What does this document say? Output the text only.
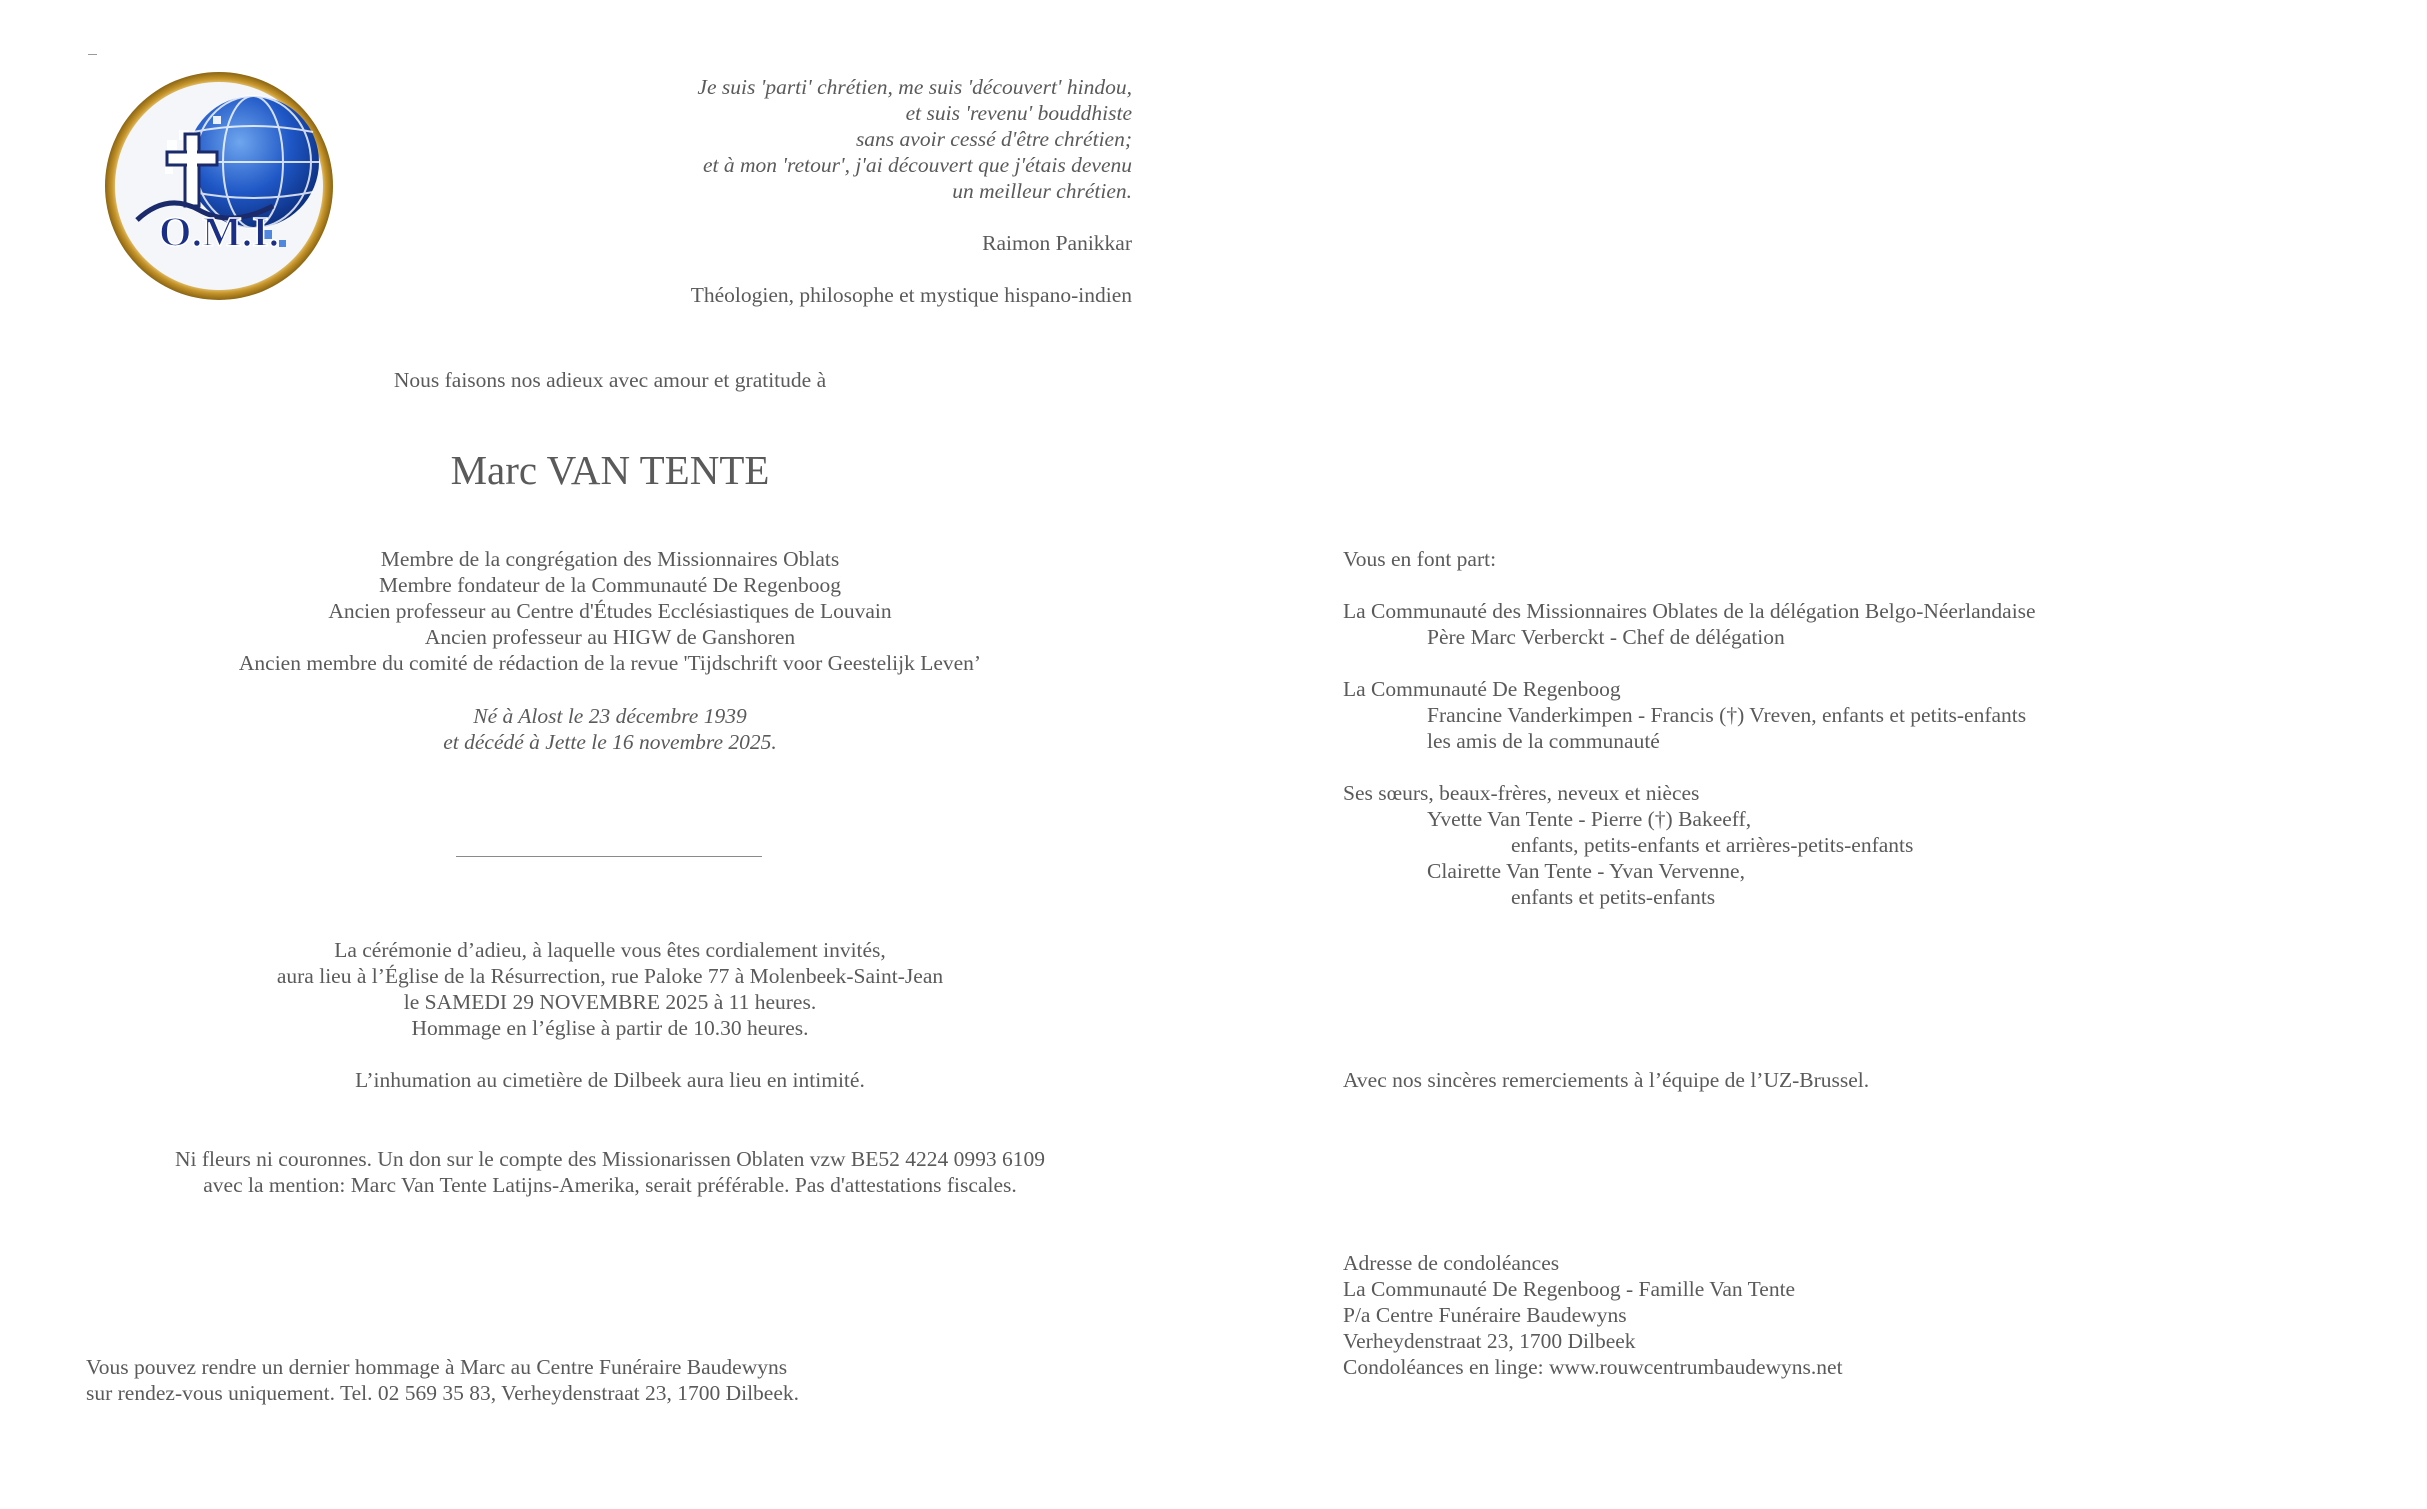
O.M.I.
Je suis 'parti' chrétien, me suis 'découvert' hindou,
et suis 'revenu' bouddhiste
sans avoir cessé d'être chrétien;
et à mon 'retour', j'ai découvert que j'étais devenu
un meilleur chrétien.
Raimon Panikkar
Théologien, philosophe et mystique hispano-indien
Nous faisons nos adieux avec amour et gratitude à
Marc VAN TENTE
Membre de la congrégation des Missionnaires Oblats
Membre fondateur de la Communauté De Regenboog
Ancien professeur au Centre d'Études Ecclésiastiques de Louvain
Ancien professeur au HIGW de Ganshoren
Ancien membre du comité de rédaction de la revue 'Tijdschrift voor Geestelijk Leven’
Né à Alost le 23 décembre 1939
et décédé à Jette le 16 novembre 2025.
La cérémonie d’adieu, à laquelle vous êtes cordialement invités,
aura lieu à l’Église de la Résurrection, rue Paloke 77 à Molenbeek-Saint-Jean
le SAMEDI 29 NOVEMBRE 2025 à 11 heures.
Hommage en l’église à partir de 10.30 heures.
L’inhumation au cimetière de Dilbeek aura lieu en intimité.
Ni fleurs ni couronnes. Un don sur le compte des Missionarissen Oblaten vzw BE52 4224 0993 6109
avec la mention: Marc Van Tente Latijns-Amerika, serait préférable. Pas d'attestations fiscales.
Vous pouvez rendre un dernier hommage à Marc au Centre Funéraire Baudewyns
sur rendez-vous uniquement. Tel. 02 569 35 83, Verheydenstraat 23, 1700 Dilbeek.
Vous en font part:
La Communauté des Missionnaires Oblates de la délégation Belgo-Néerlandaise
Père Marc Verberckt - Chef de délégation
La Communauté De Regenboog
Francine Vanderkimpen - Francis (†) Vreven, enfants et petits-enfants
les amis de la communauté
Ses sœurs, beaux-frères, neveux et nièces
Yvette Van Tente - Pierre (†) Bakeeff,
enfants, petits-enfants et arrières-petits-enfants
Clairette Van Tente - Yvan Vervenne,
enfants et petits-enfants
Avec nos sincères remerciements à l’équipe de l’UZ-Brussel.
Adresse de condoléances
La Communauté De Regenboog - Famille Van Tente
P/a Centre Funéraire Baudewyns
Verheydenstraat 23, 1700 Dilbeek
Condoléances en linge: www.rouwcentrumbaudewyns.net
